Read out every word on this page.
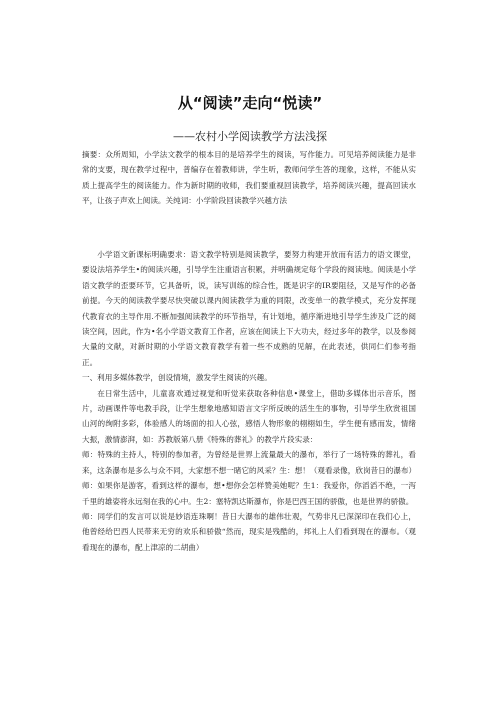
从“阅读”走向“悦读”
——农村小学阅读教学方法浅探
摘要：众所周知，小学法文教学的根本目的是培养学生的阅读，写作能力。可见培养阅读能力是非常的支要，现在教学过程中，普编存在着教师讲，学生听，教师问学生答的现象，这样，不能从实质上提高学生的阅读能力。作为新时期的收师，我们要重视回读教学，培养阅读兴趣，提高回读水平，让孩子声欢上阅读。关纯词：小学阶段回读教学兴越方法

小学语文新课标明确要求：语文教学特别是阅读教学，要努力构建开放而有活力的语文课堂，要设法培养学生•的阅读兴趣，引导学生注重语言积累，并明确规定每个学段的阅读地。阅读是小学语文教学的歪要环节，它具备听，说，读写训练的综合性，既是识字的IR要阻径，又是写作的必备前提。今天的阅读教学要尽快突破以课内阅读教学为重的同限，改变单一的教学模式，充分发挥现代教育衣的主导作用.不断加强阅读教学的环节指导，有计划地，循序渐进地引导学生涉及广泛的阅读空间，因此，作为•名小学语文教育工作者，应该在阅读上下大功夫，经过多年的教学，以及参阅大量的文献，对新时期的小学语文教育教学有着一些不成熟的见解，在此表述，供同仁们参考指正。

一、利用多媒体教学，创设情境，激发学生阅读的兴趣。

在日常生活中，儿童喜欢通过视觉和听觉来获取各种信息•课堂上，借助多媒体出示音乐，图片，动画课件等电教手段，让学生想象地感知语言文字所反映的活生生的事物，引导学生欣赏祖国山河的绚附多彩，体验感人的场面的扣人心弦，感悟人物形象的栩栩如生，学生便有感而发，情绪大振，激情澎湃，如：苏教版第八册《特殊的葬礼》的教学片段实录：

师：特殊的主持人，特别的参加者，为曾经是世界上流量最大的瀑布，举行了一场特殊的葬礼，看来，这条瀑布是多么与众不同，大家想不想一睹它的风采？生：想！（观看录像，欣岗昔日的瀑布）

师：如果你是游客，看到这样的瀑布，想•想你会怎样赞美她呢？生1：我爱你，你滔滔不绝，一泻千里的雄姿将永远刻在我的心中。生2：塞特凯达斯瀑布，你是巴西王国的骄傲，也是世界的骄傲。

师：同学们的发言可以说是妙语连珠啊！昔日大瀑布的雄伟壮观，气势非凡已深深印在我们心上，他曾经给巴西人民带来无穷的欢乐和骄傲“然而，现实是残酷的，邦礼上人们看到现在的瀑布。（观看现在的瀑布，配上津凉的二胡曲）
